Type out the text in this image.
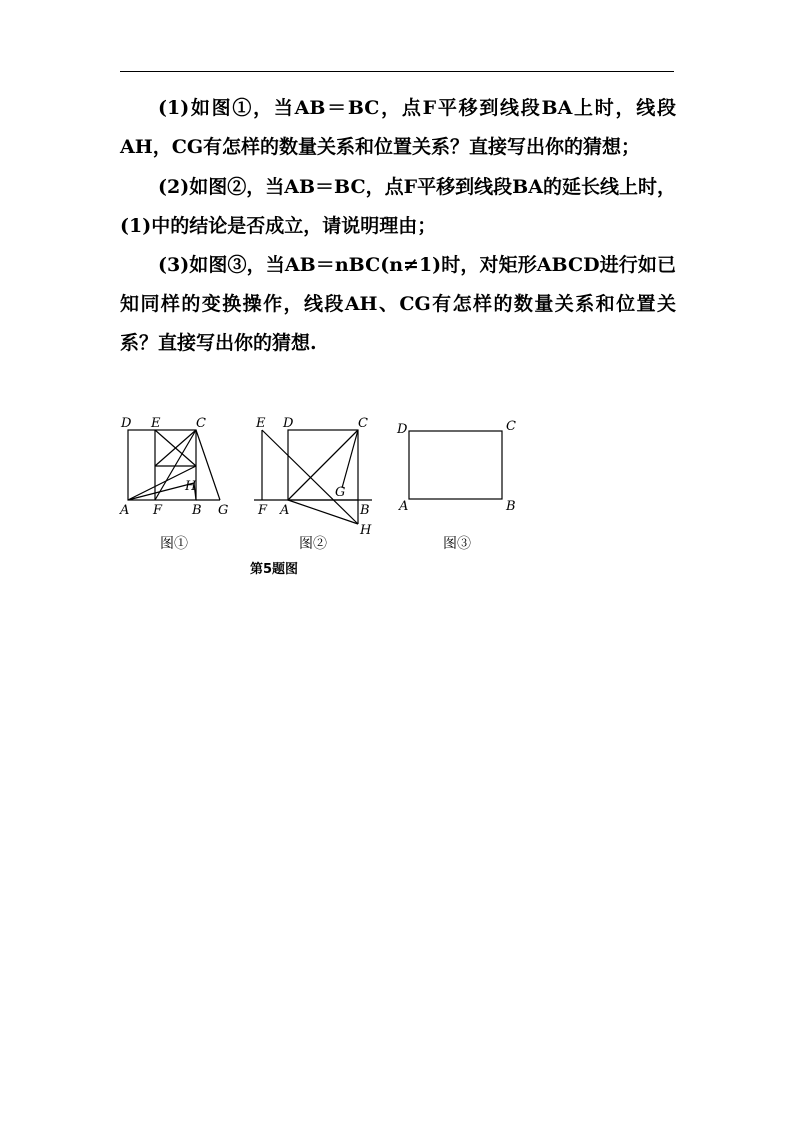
(1)如图①，当AB＝BC，点F平移到线段BA上时，线段AH，CG有怎样的数量关系和位置关系？直接写出你的猜想；

(2)如图②，当AB＝BC，点F平移到线段BA的延长线上时，(1)中的结论是否成立，请说明理由；

(3)如图③，当AB＝nBC(n≠1)时，对矩形ABCD进行如已知同样的变换操作，线段AH、CG有怎样的数量关系和位置关系？直接写出你的猜想.

D E	C
H
A F B G
E D	C
G
F A	B
H
D	C
A	B
图①	图②	图③
第5题图
